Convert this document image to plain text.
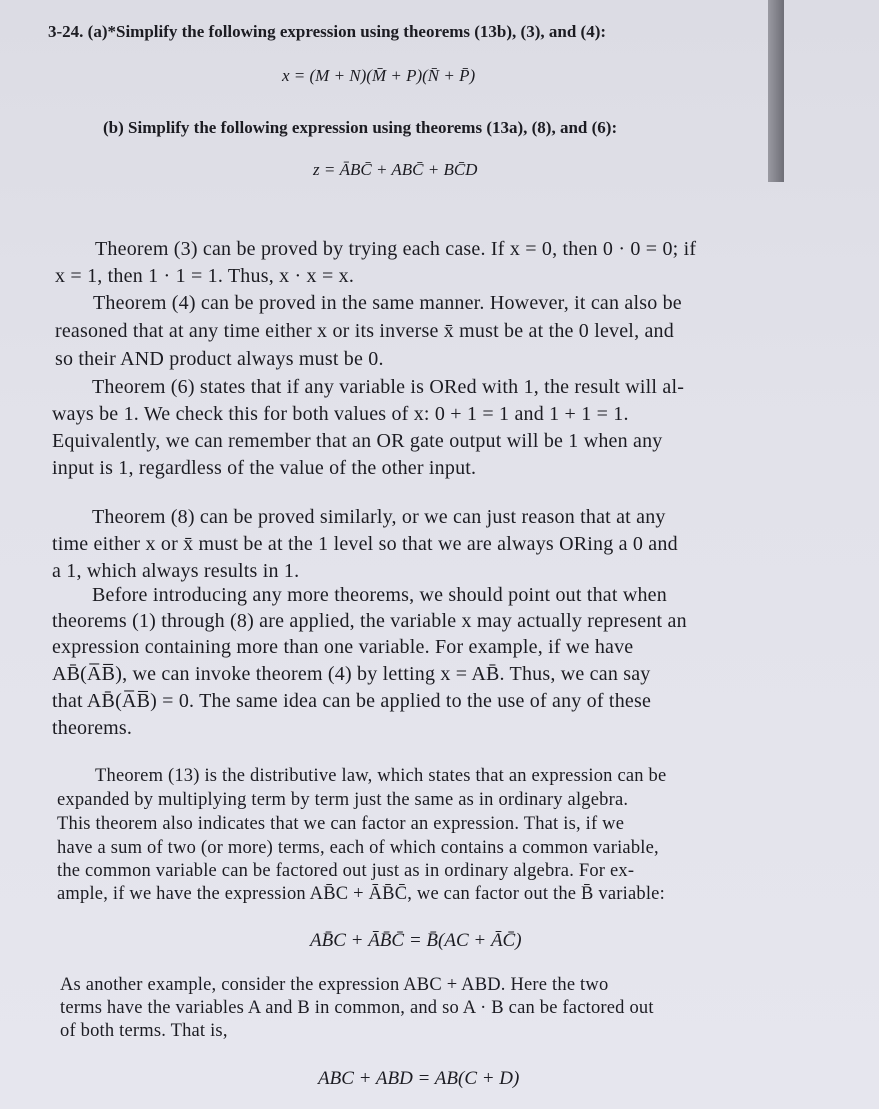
3-24. (a)*Simplify the following expression using theorems (13b), (3), and (4):
x = (M + N)(M̄ + P)(N̄ + P̄)
(b) Simplify the following expression using theorems (13a), (8), and (6):
z = ĀBC̄ + ABC̄ + BC̄D
Theorem (3) can be proved by trying each case. If x = 0, then 0 · 0 = 0; if
x = 1, then 1 · 1 = 1. Thus, x · x = x.
Theorem (4) can be proved in the same manner. However, it can also be
reasoned that at any time either x or its inverse x̄ must be at the 0 level, and
so their AND product always must be 0.
Theorem (6) states that if any variable is ORed with 1, the result will al-
ways be 1. We check this for both values of x: 0 + 1 = 1 and 1 + 1 = 1.
Equivalently, we can remember that an OR gate output will be 1 when any
input is 1, regardless of the value of the other input.
Theorem (8) can be proved similarly, or we can just reason that at any
time either x or x̄ must be at the 1 level so that we are always ORing a 0 and
a 1, which always results in 1.
Before introducing any more theorems, we should point out that when
theorems (1) through (8) are applied, the variable x may actually represent an
expression containing more than one variable. For example, if we have
AB̄(A̅B̅), we can invoke theorem (4) by letting x = AB̄. Thus, we can say
that AB̄(A̅B̅) = 0. The same idea can be applied to the use of any of these
theorems.
Theorem (13) is the distributive law, which states that an expression can be
expanded by multiplying term by term just the same as in ordinary algebra.
This theorem also indicates that we can factor an expression. That is, if we
have a sum of two (or more) terms, each of which contains a common variable,
the common variable can be factored out just as in ordinary algebra. For ex-
ample, if we have the expression AB̄C + ĀB̄C̄, we can factor out the B̄ variable:
AB̄C + ĀB̄C̄ = B̄(AC + ĀC̄)
As another example, consider the expression ABC + ABD. Here the two
terms have the variables A and B in common, and so A · B can be factored out
of both terms. That is,
ABC + ABD = AB(C + D)
